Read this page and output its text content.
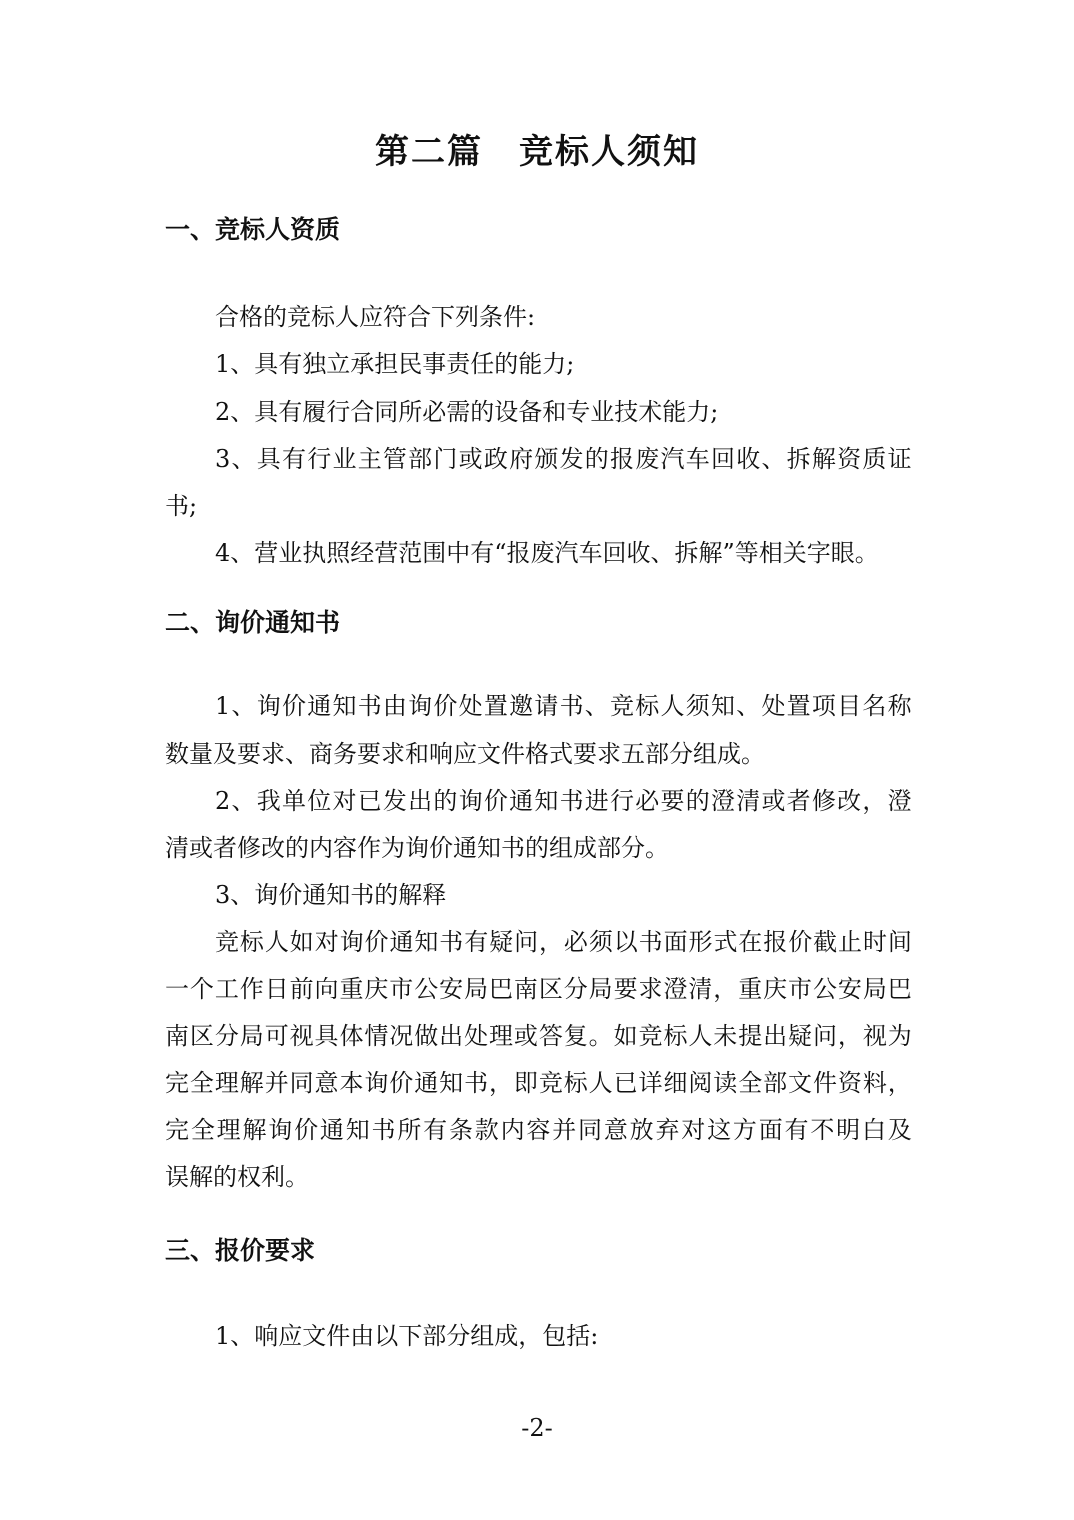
第二篇　竞标人须知
一、竞标人资质
合格的竞标人应符合下列条件:
1、具有独立承担民事责任的能力;
2、具有履行合同所必需的设备和专业技术能力;
3 、 具 有 行 业 主 管 部 门 或 政 府 颁 发 的 报 废 汽 车 回 收 、 拆 解 资 质 证
书;
4、营业执照经营范围中有“报废汽车回收、拆解”等相关字眼。
二、询价通知书
1 、 询 价 通 知 书 由 询 价 处 置 邀 请 书 、 竞 标 人 须 知 、 处 置 项 目 名 称
数量及要求、商务要求和响应文件格式要求五部分组成。
2 、 我 单 位 对 已 发 出 的 询 价 通 知 书 进 行 必 要 的 澄 清 或 者 修 改 ， 澄
清或者修改的内容作为询价通知书的组成部分。
3、询价通知书的解释
竞 标 人 如 对 询 价 通 知 书 有 疑 问 ， 必 须 以 书 面 形 式 在 报 价 截 止 时 间
一 个 工 作 日 前 向 重 庆 市 公 安 局 巴 南 区 分 局 要 求 澄 清 ， 重 庆 市 公 安 局 巴
南 区 分 局 可 视 具 体 情 况 做 出 处 理 或 答 复 。 如 竞 标 人 未 提 出 疑 问 ， 视 为
完 全 理 解 并 同 意 本 询 价 通 知 书 ， 即 竞 标 人 已 详 细 阅 读 全 部 文 件 资 料 ，
完 全 理 解 询 价 通 知 书 所 有 条 款 内 容 并 同 意 放 弃 对 这 方 面 有 不 明 白 及
误解的权利。
三、报价要求
1、响应文件由以下部分组成，包括:
-2-
